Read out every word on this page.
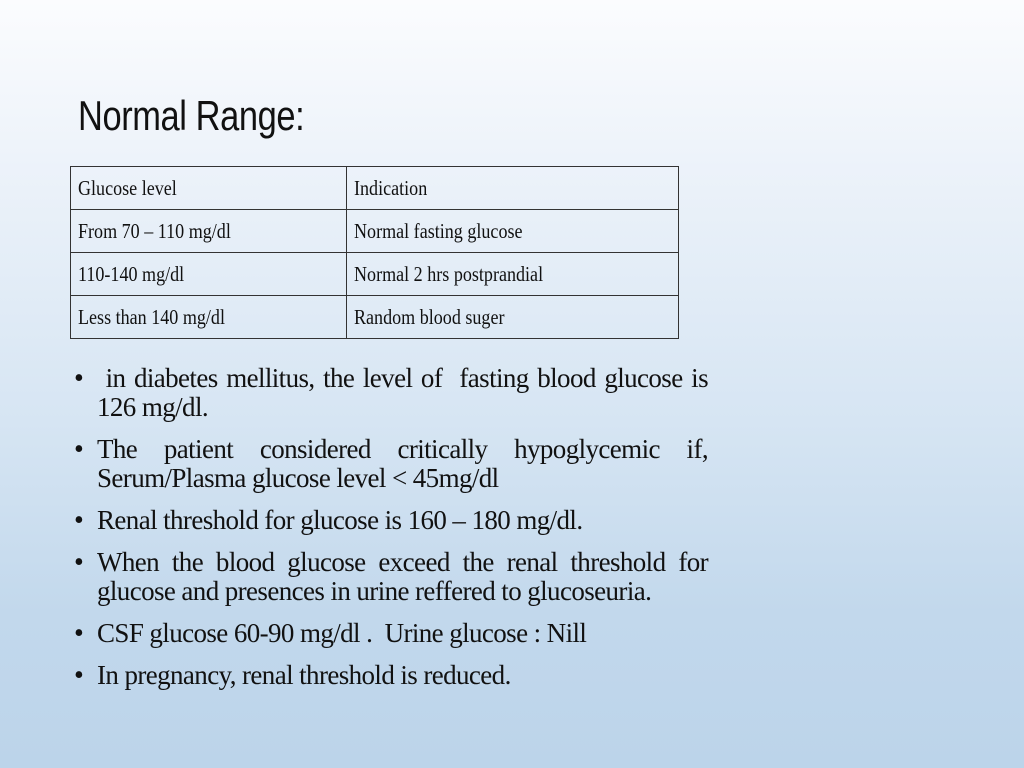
Normal Range:
Glucose level	Indication
From 70 – 110 mg/dl	Normal fasting glucose
110-140 mg/dl	Normal 2 hrs postprandial
Less than 140 mg/dl	Random blood suger
• in diabetes mellitus, the level of  fasting blood glucose is 126 mg/dl.
• The patient considered critically hypoglycemic if, Serum/Plasma glucose level < 45mg/dl
• Renal threshold for glucose is 160 – 180 mg/dl.
• When the blood glucose exceed the renal threshold for glucose and presences in urine reffered to glucoseuria.
• CSF glucose 60-90 mg/dl .  Urine glucose : Nill
• In pregnancy, renal threshold is reduced.
